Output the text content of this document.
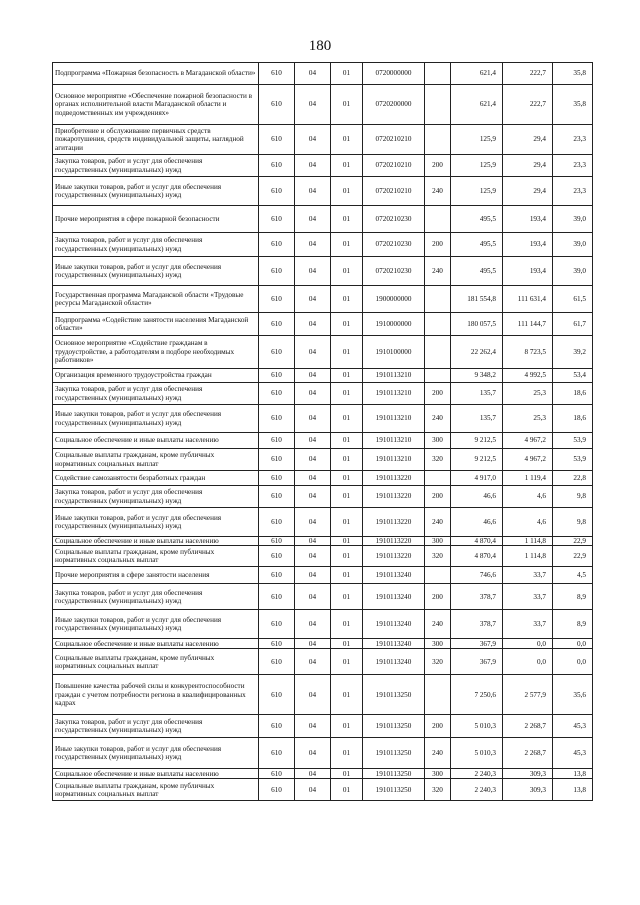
180
Подпрограмма «Пожарная безопасность в Магаданской области»	610	04	01	0720000000		621,4	222,7	35,8
Основное мероприятие «Обеспечение пожарной безопасности в органах исполнительной власти Магаданской области и подведомственных им учреждениях»	610	04	01	0720200000		621,4	222,7	35,8
Приобретение и обслуживание первичных средств пожаротушения, средств индивидуальной защиты, наглядной агитации	610	04	01	0720210210		125,9	29,4	23,3
Закупка товаров, работ и услуг для обеспечения государственных (муниципальных) нужд	610	04	01	0720210210	200	125,9	29,4	23,3
Иные закупки товаров, работ и услуг для обеспечения государственных (муниципальных) нужд	610	04	01	0720210210	240	125,9	29,4	23,3
Прочие мероприятия в сфере пожарной безопасности	610	04	01	0720210230		495,5	193,4	39,0
Закупка товаров, работ и услуг для обеспечения государственных (муниципальных) нужд	610	04	01	0720210230	200	495,5	193,4	39,0
Иные закупки товаров, работ и услуг для обеспечения государственных (муниципальных) нужд	610	04	01	0720210230	240	495,5	193,4	39,0
Государственная программа Магаданской области «Трудовые ресурсы Магаданской области»	610	04	01	1900000000		181 554,8	111 631,4	61,5
Подпрограмма «Содействие занятости населения Магаданской области»	610	04	01	1910000000		180 057,5	111 144,7	61,7
Основное мероприятие «Содействие гражданам в трудоустройстве, а работодателям в подборе необходимых работников»	610	04	01	1910100000		22 262,4	8 723,5	39,2
Организация временного трудоустройства граждан	610	04	01	1910113210		9 348,2	4 992,5	53,4
Закупка товаров, работ и услуг для обеспечения государственных (муниципальных) нужд	610	04	01	1910113210	200	135,7	25,3	18,6
Иные закупки товаров, работ и услуг для обеспечения государственных (муниципальных) нужд	610	04	01	1910113210	240	135,7	25,3	18,6
Социальное обеспечение и иные выплаты населению	610	04	01	1910113210	300	9 212,5	4 967,2	53,9
Социальные выплаты гражданам, кроме публичных нормативных социальных выплат	610	04	01	1910113210	320	9 212,5	4 967,2	53,9
Содействие самозанятости безработных граждан	610	04	01	1910113220		4 917,0	1 119,4	22,8
Закупка товаров, работ и услуг для обеспечения государственных (муниципальных) нужд	610	04	01	1910113220	200	46,6	4,6	9,8
Иные закупки товаров, работ и услуг для обеспечения государственных (муниципальных) нужд	610	04	01	1910113220	240	46,6	4,6	9,8
Социальное обеспечение и иные выплаты населению	610	04	01	1910113220	300	4 870,4	1 114,8	22,9
Социальные выплаты гражданам, кроме публичных нормативных социальных выплат	610	04	01	1910113220	320	4 870,4	1 114,8	22,9
Прочие мероприятия в сфере занятости населения	610	04	01	1910113240		746,6	33,7	4,5
Закупка товаров, работ и услуг для обеспечения государственных (муниципальных) нужд	610	04	01	1910113240	200	378,7	33,7	8,9
Иные закупки товаров, работ и услуг для обеспечения государственных (муниципальных) нужд	610	04	01	1910113240	240	378,7	33,7	8,9
Социальное обеспечение и иные выплаты населению	610	04	01	1910113240	300	367,9	0,0	0,0
Социальные выплаты гражданам, кроме публичных нормативных социальных выплат	610	04	01	1910113240	320	367,9	0,0	0,0
Повышение качества рабочей силы и конкурентоспособности граждан с учетом потребности региона в квалифицированных кадрах	610	04	01	1910113250		7 250,6	2 577,9	35,6
Закупка товаров, работ и услуг для обеспечения государственных (муниципальных) нужд	610	04	01	1910113250	200	5 010,3	2 268,7	45,3
Иные закупки товаров, работ и услуг для обеспечения государственных (муниципальных) нужд	610	04	01	1910113250	240	5 010,3	2 268,7	45,3
Социальное обеспечение и иные выплаты населению	610	04	01	1910113250	300	2 240,3	309,3	13,8
Социальные выплаты гражданам, кроме публичных нормативных социальных выплат	610	04	01	1910113250	320	2 240,3	309,3	13,8
